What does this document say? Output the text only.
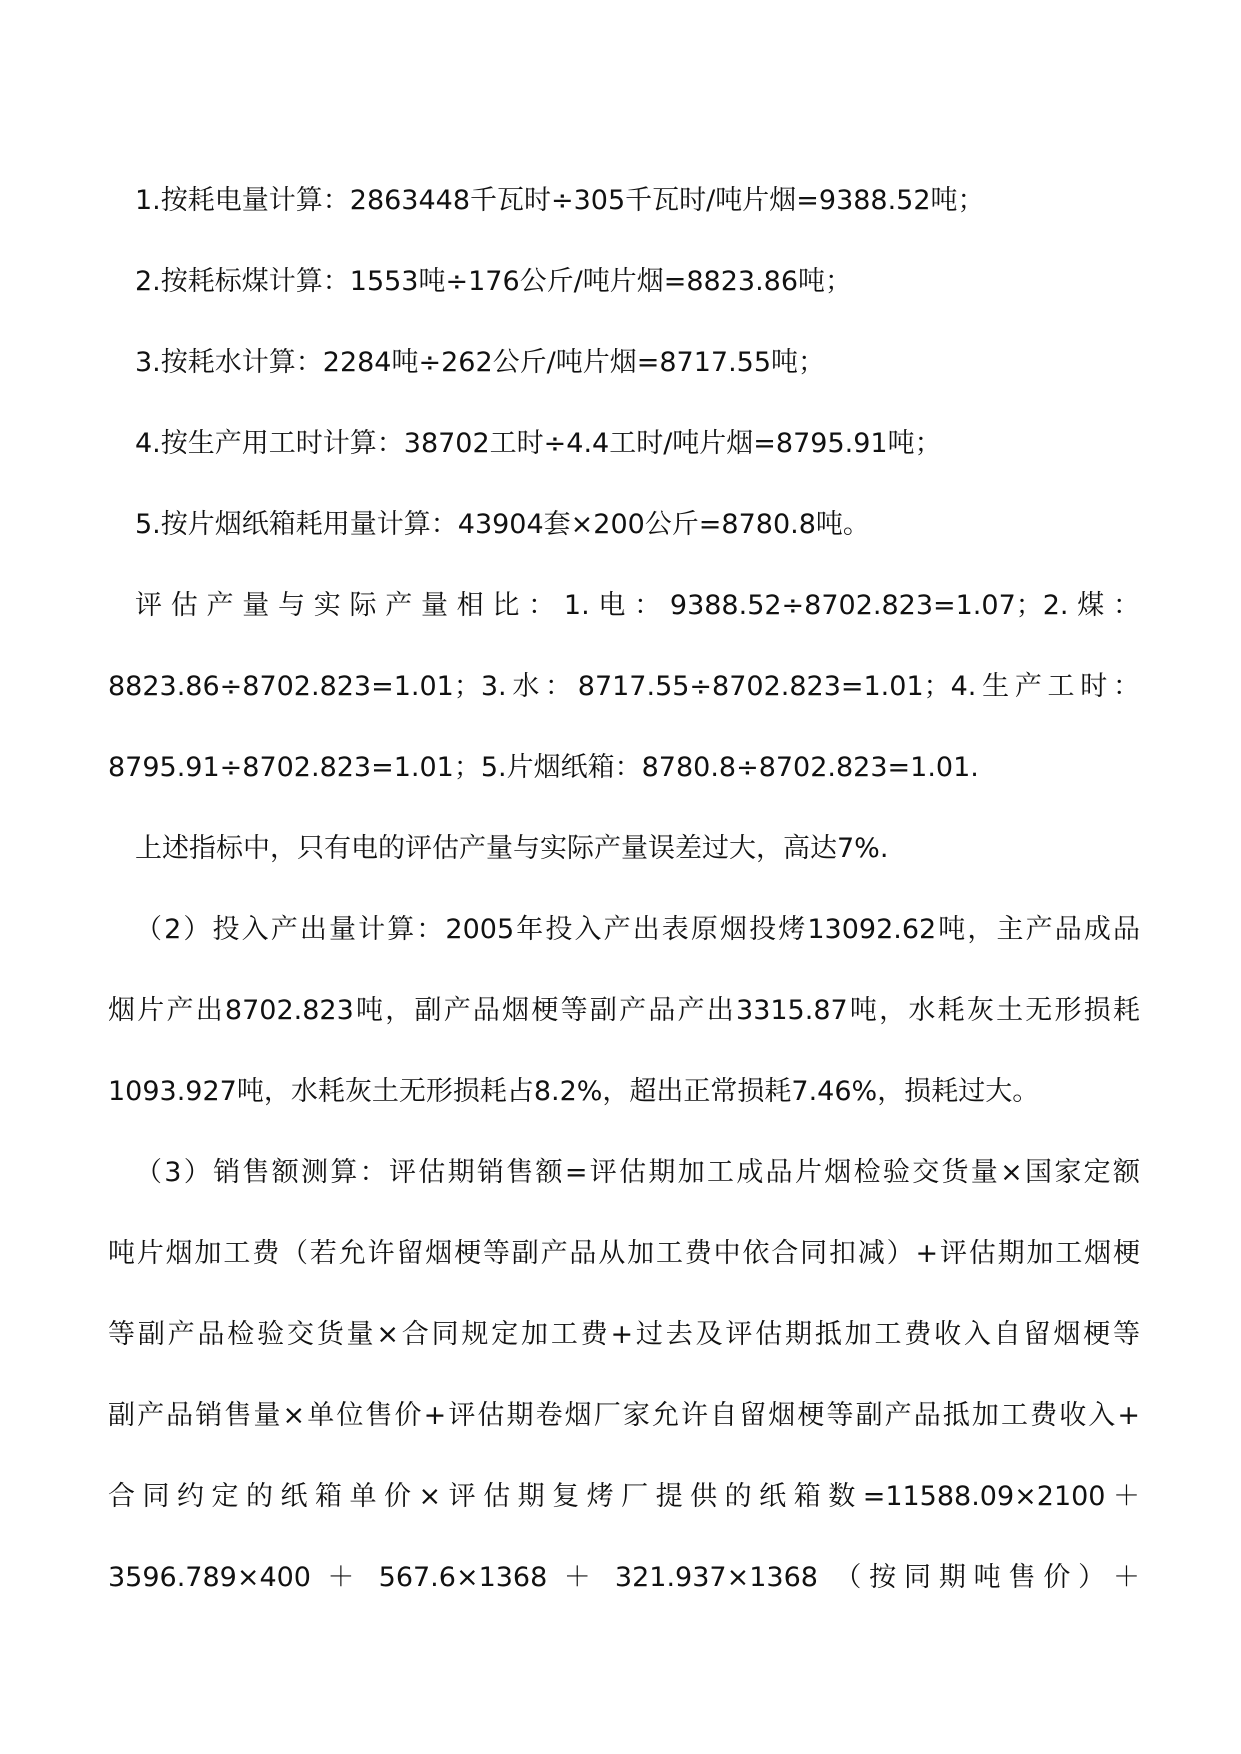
1.按耗电量计算：2863448千瓦时÷305千瓦时/吨片烟=9388.52吨；
2.按耗标煤计算：1553吨÷176公斤/吨片烟=8823.86吨；
3.按耗水计算：2284吨÷262公斤/吨片烟=8717.55吨；
4.按生产用工时计算：38702工时÷4.4工时/吨片烟=8795.91吨；
5.按片烟纸箱耗用量计算：43904套×200公斤=8780.8吨。
评估产量与实际产量相比：1.电：9388.52÷8702.823=1.07；2.煤：
8823.86÷8702.823=1.01；3.水：8717.55÷8702.823=1.01；4.生产工时：
8795.91÷8702.823=1.01；5.片烟纸箱：8780.8÷8702.823=1.01.
上述指标中，只有电的评估产量与实际产量误差过大，高达7%.
（2）投入产出量计算：2005年投入产出表原烟投烤13092.62吨，主产品成品
烟片产出8702.823吨，副产品烟梗等副产品产出3315.87吨，水耗灰土无形损耗
1093.927吨，水耗灰土无形损耗占8.2%，超出正常损耗7.46%，损耗过大。
（3）销售额测算：评估期销售额=评估期加工成品片烟检验交货量×国家定额
吨片烟加工费（若允许留烟梗等副产品从加工费中依合同扣减）+评估期加工烟梗
等副产品检验交货量×合同规定加工费+过去及评估期抵加工费收入自留烟梗等
副产品销售量×单位售价+评估期卷烟厂家允许自留烟梗等副产品抵加工费收入+
合同约定的纸箱单价×评估期复烤厂提供的纸箱数=11588.09×2100＋
3596.789×400 ＋ 567.6×1368 ＋ 321.937×1368 （按同期吨售价）＋
